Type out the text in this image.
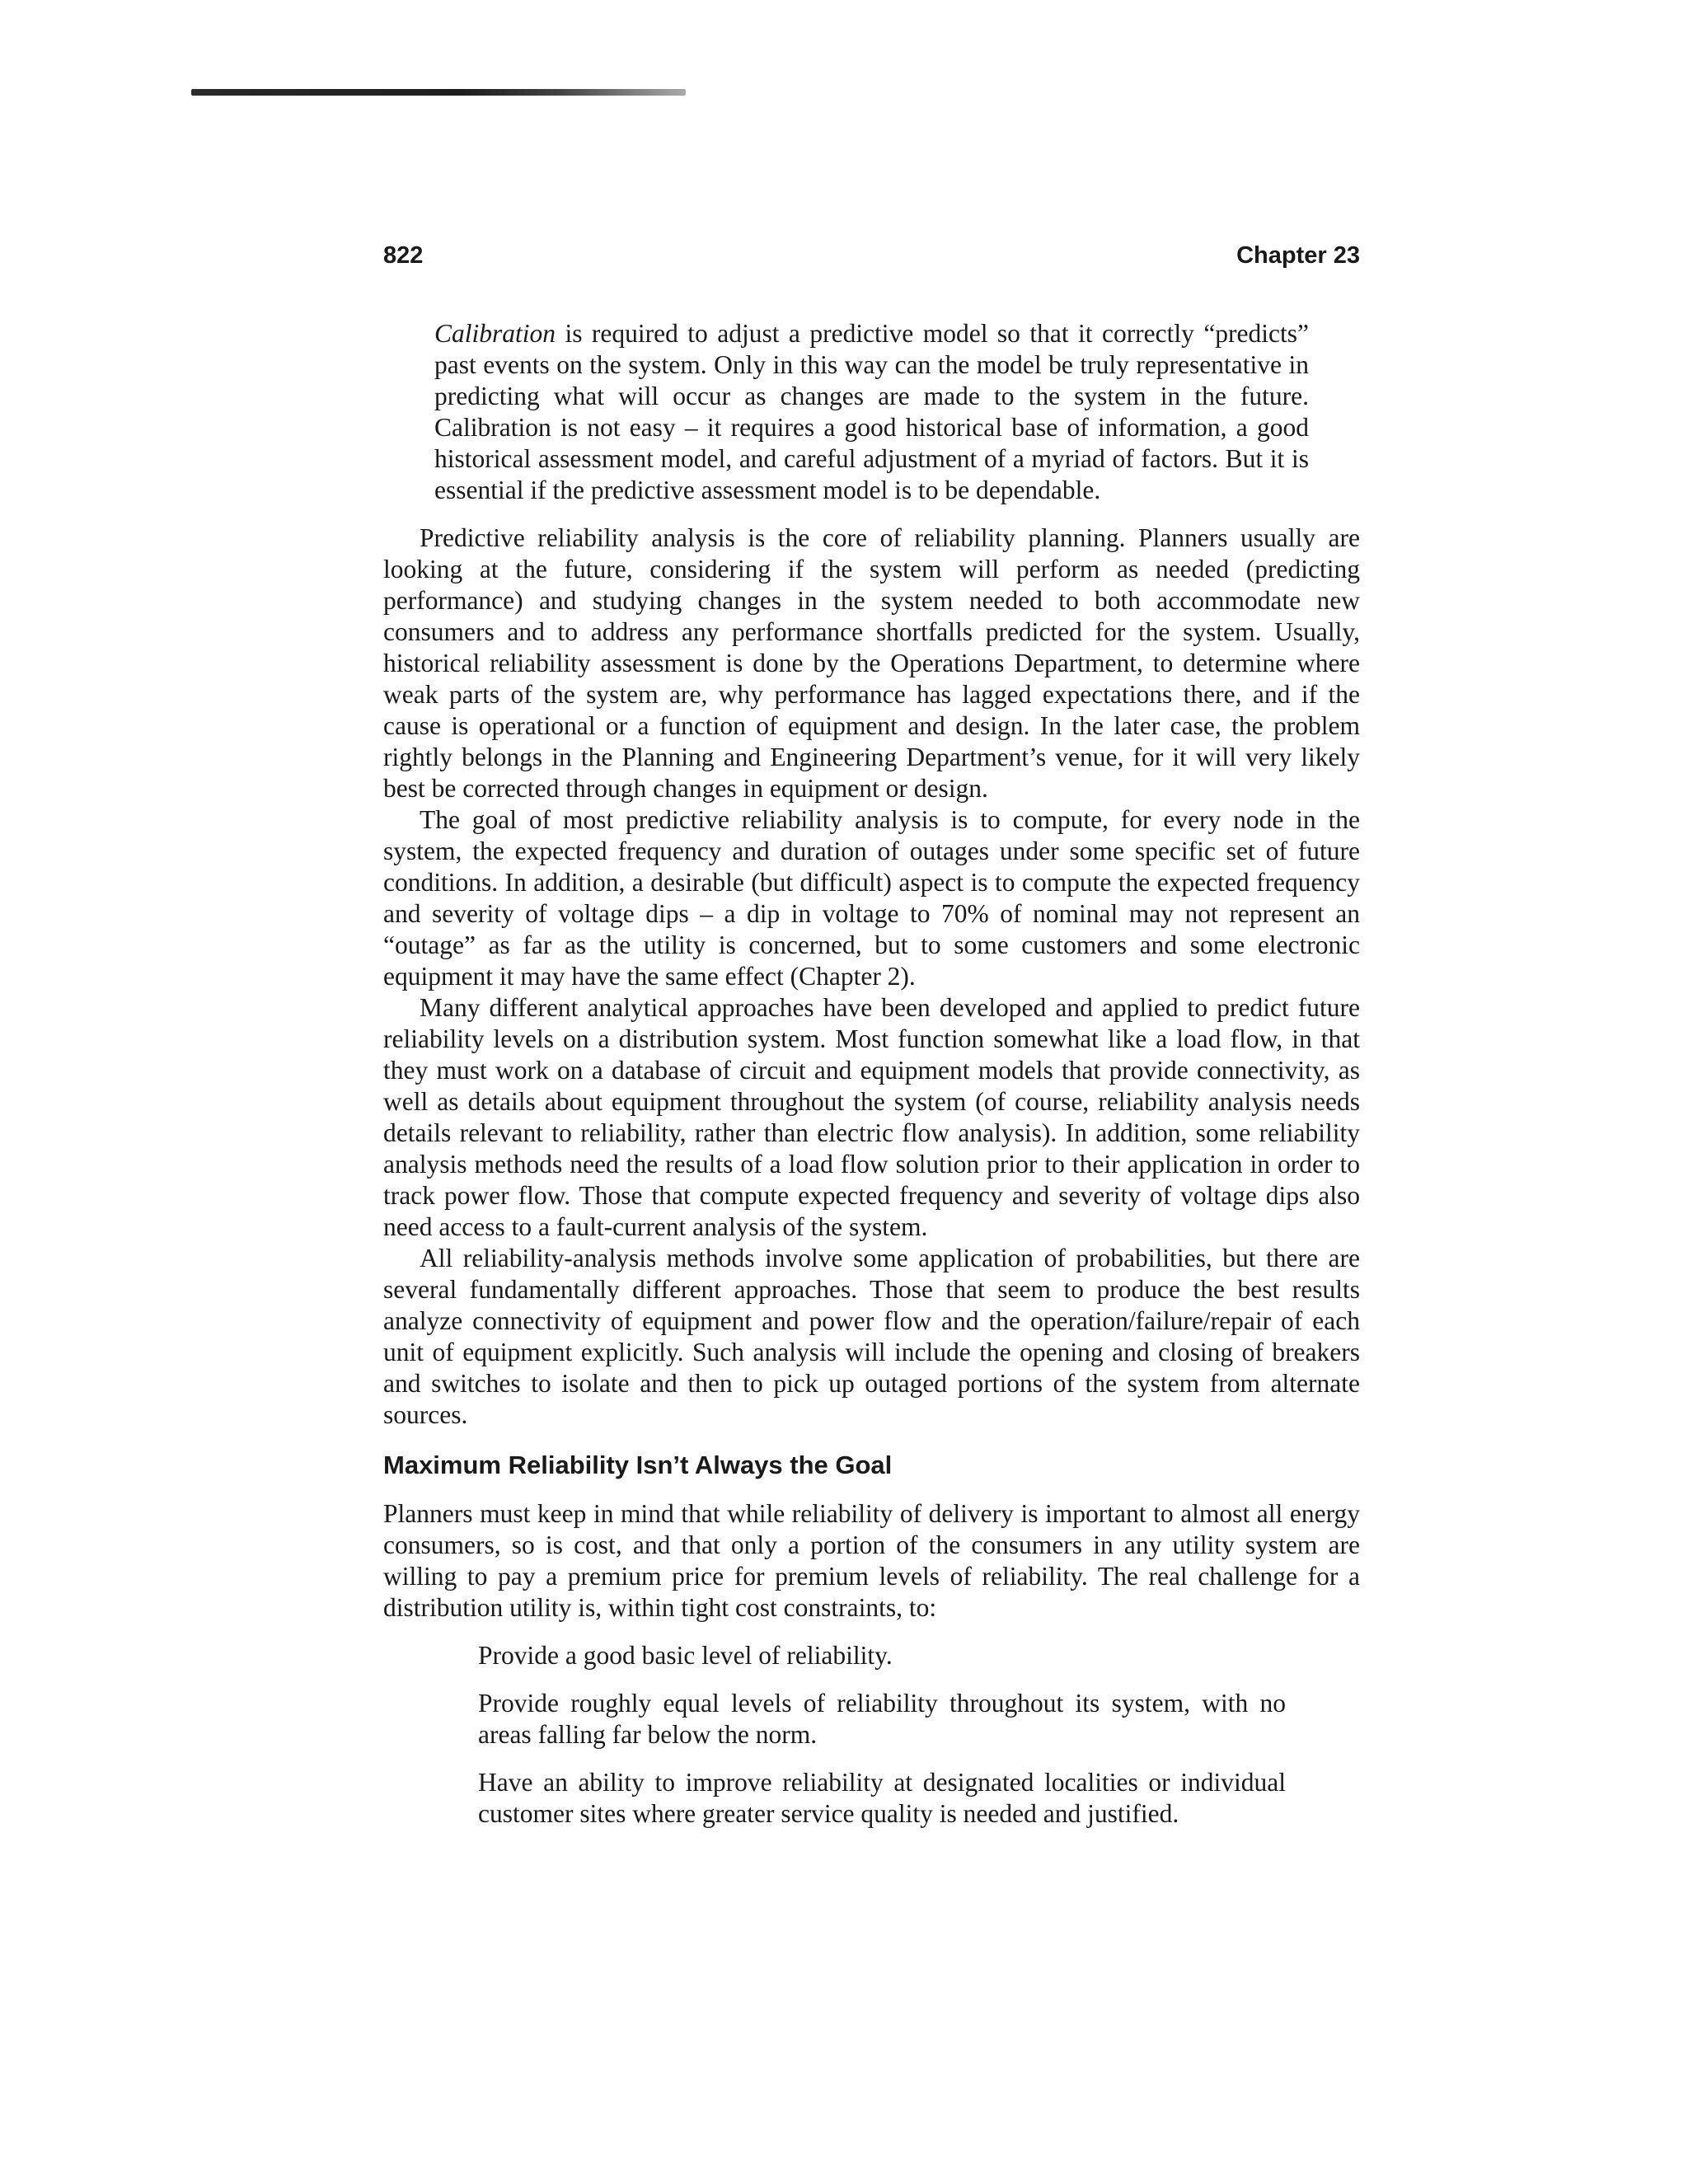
822	Chapter 23

Calibration is required to adjust a predictive model so that it correctly “predicts” past events on the system. Only in this way can the model be truly representative in predicting what will occur as changes are made to the system in the future. Calibration is not easy – it requires a good historical base of information, a good historical assessment model, and careful adjustment of a myriad of factors. But it is essential if the predictive assessment model is to be dependable.

Predictive reliability analysis is the core of reliability planning. Planners usually are looking at the future, considering if the system will perform as needed (predicting performance) and studying changes in the system needed to both accommodate new consumers and to address any performance shortfalls predicted for the system. Usually, historical reliability assessment is done by the Operations Department, to determine where weak parts of the system are, why performance has lagged expectations there, and if the cause is operational or a function of equipment and design. In the later case, the problem rightly belongs in the Planning and Engineering Department’s venue, for it will very likely best be corrected through changes in equipment or design.

The goal of most predictive reliability analysis is to compute, for every node in the system, the expected frequency and duration of outages under some specific set of future conditions. In addition, a desirable (but difficult) aspect is to compute the expected frequency and severity of voltage dips – a dip in voltage to 70% of nominal may not represent an “outage” as far as the utility is concerned, but to some customers and some electronic equipment it may have the same effect (Chapter 2).

Many different analytical approaches have been developed and applied to predict future reliability levels on a distribution system. Most function somewhat like a load flow, in that they must work on a database of circuit and equipment models that provide connectivity, as well as details about equipment throughout the system (of course, reliability analysis needs details relevant to reliability, rather than electric flow analysis). In addition, some reliability analysis methods need the results of a load flow solution prior to their application in order to track power flow. Those that compute expected frequency and severity of voltage dips also need access to a fault-current analysis of the system.

All reliability-analysis methods involve some application of probabilities, but there are several fundamentally different approaches. Those that seem to produce the best results analyze connectivity of equipment and power flow and the operation/failure/repair of each unit of equipment explicitly. Such analysis will include the opening and closing of breakers and switches to isolate and then to pick up outaged portions of the system from alternate sources.

Maximum Reliability Isn’t Always the Goal

Planners must keep in mind that while reliability of delivery is important to almost all energy consumers, so is cost, and that only a portion of the consumers in any utility system are willing to pay a premium price for premium levels of reliability. The real challenge for a distribution utility is, within tight cost constraints, to:

Provide a good basic level of reliability.
Provide roughly equal levels of reliability throughout its system, with no areas falling far below the norm.
Have an ability to improve reliability at designated localities or individual customer sites where greater service quality is needed and justified.
